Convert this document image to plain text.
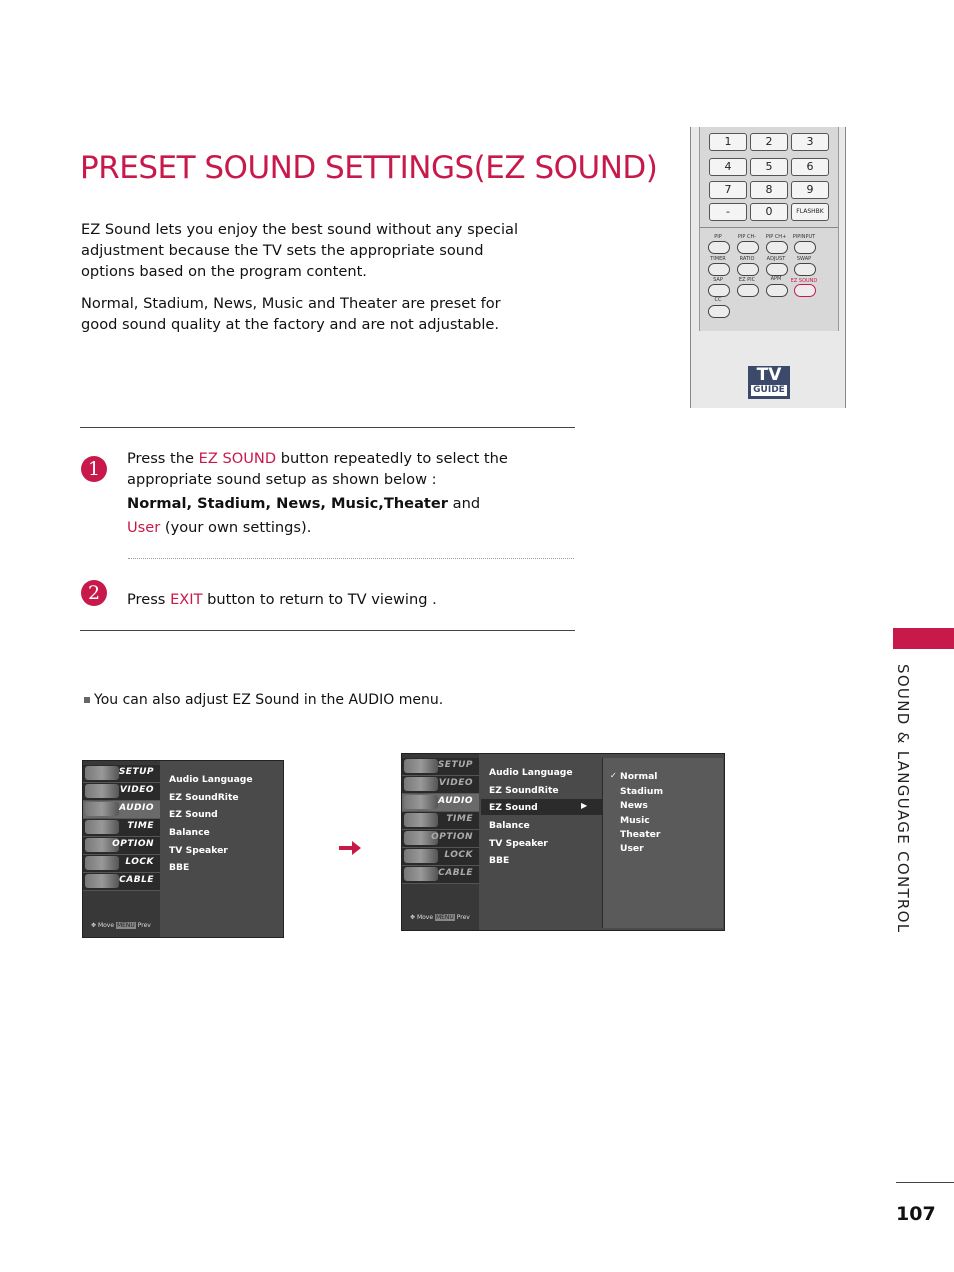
PRESET SOUND SETTINGS(EZ SOUND)
EZ Sound lets you enjoy the best sound without any special adjustment because the TV sets the appropriate sound options based on the program content.
Normal, Stadium, News, Music and Theater are preset for good sound quality at the factory and are not adjustable.
1	2	3
4	5	6
7	8	9
-	0	FLASHBK
PIP	PIP CH-	PIP CH+	PIPINPUT
TIMER	RATIO	ADJUST	SWAP
SAP	EZ PIC	APM	EZ SOUND
CC
TV
GUIDE
1	Press the EZ SOUND button repeatedly to select the appropriate sound setup as shown below :
Normal, Stadium, News, Music,Theater and
User (your own settings).
2	Press EXIT button to return to TV viewing .
You can also adjust EZ Sound in the AUDIO menu.	SOUND & LANGUAGE CONTROL
SETUP
VIDEO
AUDIO
TIME
OPTION
LOCK
CABLE
✥ Move MENU Prev
Audio Language
EZ SoundRite
EZ Sound
Balance
TV Speaker
BBE
SETUP
VIDEO
AUDIO
TIME
OPTION
LOCK
CABLE
✥ Move MENU Prev
Audio Language
EZ SoundRite
EZ Sound	▶
Balance
TV Speaker
BBE
✓ Normal
Stadium
News
Music
Theater
User
107
